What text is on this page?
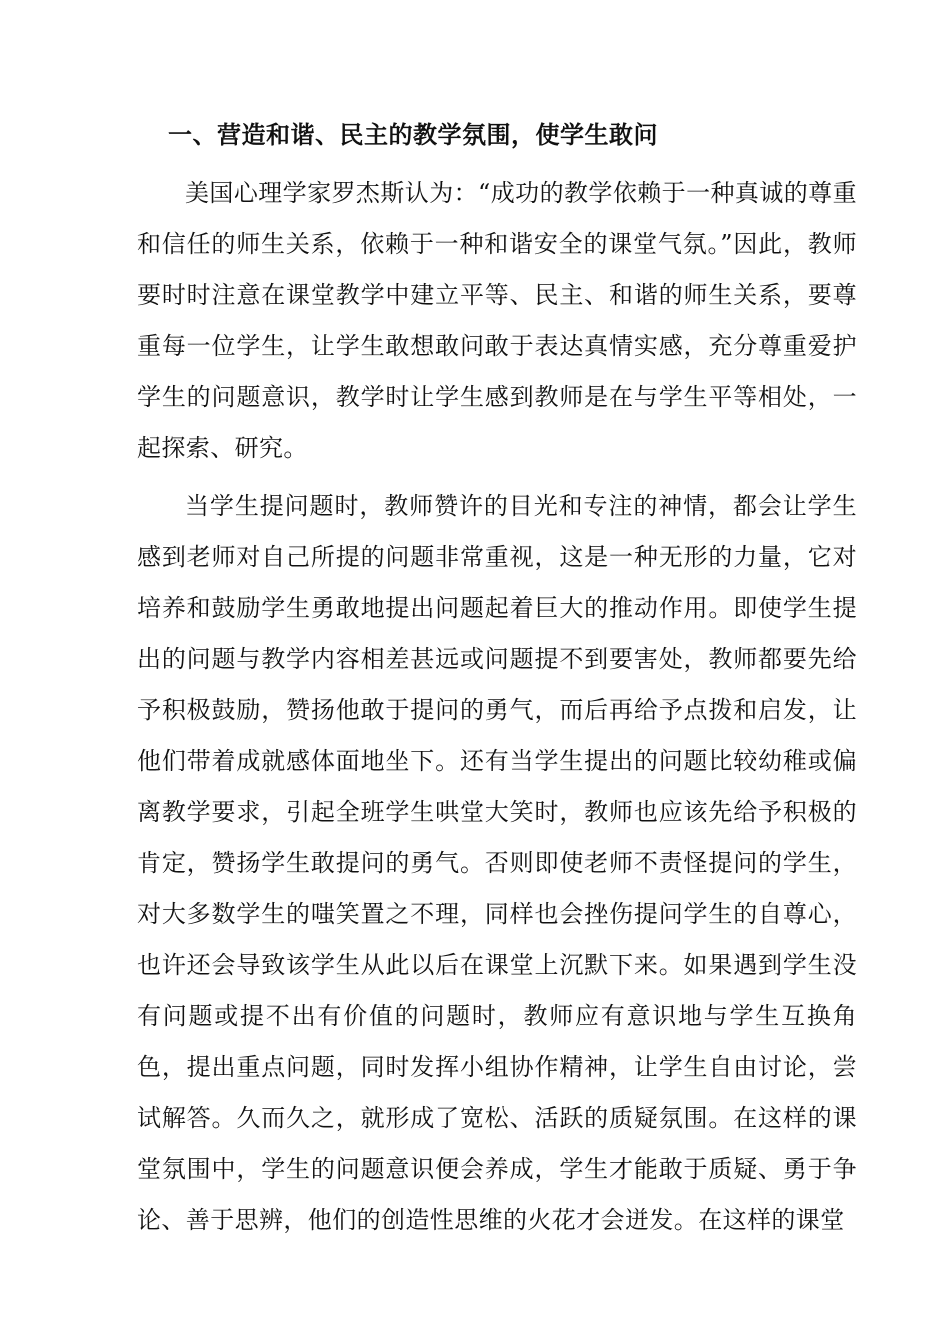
一、营造和谐、民主的教学氛围，使学生敢问

美国心理学家罗杰斯认为：“成功的教学依赖于一种真诚的尊重和信任的师生关系，依赖于一种和谐安全的课堂气氛。”因此，教师要时时注意在课堂教学中建立平等、民主、和谐的师生关系，要尊重每一位学生，让学生敢想敢问敢于表达真情实感，充分尊重爱护学生的问题意识，教学时让学生感到教师是在与学生平等相处，一起探索、研究。

当学生提问题时，教师赞许的目光和专注的神情，都会让学生感到老师对自己所提的问题非常重视，这是一种无形的力量，它对培养和鼓励学生勇敢地提出问题起着巨大的推动作用。即使学生提出的问题与教学内容相差甚远或问题提不到要害处，教师都要先给予积极鼓励，赞扬他敢于提问的勇气，而后再给予点拨和启发，让他们带着成就感体面地坐下。还有当学生提出的问题比较幼稚或偏离教学要求，引起全班学生哄堂大笑时，教师也应该先给予积极的肯定，赞扬学生敢提问的勇气。否则即使老师不责怪提问的学生，对大多数学生的嗤笑置之不理，同样也会挫伤提问学生的自尊心，也许还会导致该学生从此以后在课堂上沉默下来。如果遇到学生没有问题或提不出有价值的问题时，教师应有意识地与学生互换角色，提出重点问题，同时发挥小组协作精神，让学生自由讨论，尝试解答。久而久之，就形成了宽松、活跃的质疑氛围。在这样的课堂氛围中，学生的问题意识便会养成，学生才能敢于质疑、勇于争论、善于思辨，他们的创造性思维的火花才会迸发。在这样的课堂
